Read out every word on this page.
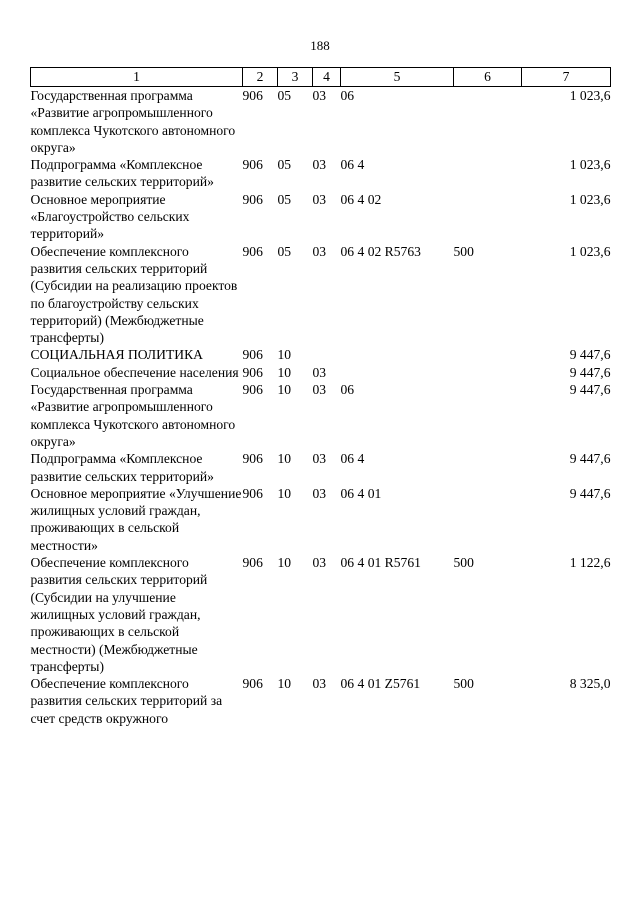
188
1	2	3	4	5	6	7
Государственная программа «Развитие агропромышленного комплекса Чукотского автономного округа»	906	05	03	06		1 023,6
Подпрограмма «Комплексное развитие сельских территорий»	906	05	03	06 4		1 023,6
Основное мероприятие «Благоустройство сельских территорий»	906	05	03	06 4 02		1 023,6
Обеспечение комплексного развития сельских территорий (Субсидии на реализацию проектов по благоустройству сельских территорий) (Межбюджетные трансферты)	906	05	03	06 4 02 R5763	500	1 023,6
СОЦИАЛЬНАЯ ПОЛИТИКА	906	10				9 447,6
Социальное обеспечение населения	906	10	03			9 447,6
Государственная программа «Развитие агропромышленного комплекса Чукотского автономного округа»	906	10	03	06		9 447,6
Подпрограмма «Комплексное развитие сельских территорий»	906	10	03	06 4		9 447,6
Основное мероприятие «Улучшение жилищных условий граждан, проживающих в сельской местности»	906	10	03	06 4 01		9 447,6
Обеспечение комплексного развития сельских территорий (Субсидии на улучшение жилищных условий граждан, проживающих в сельской местности) (Межбюджетные трансферты)	906	10	03	06 4 01 R5761	500	1 122,6
Обеспечение комплексного развития сельских территорий за счет средств окружного	906	10	03	06 4 01 Z5761	500	8 325,0
